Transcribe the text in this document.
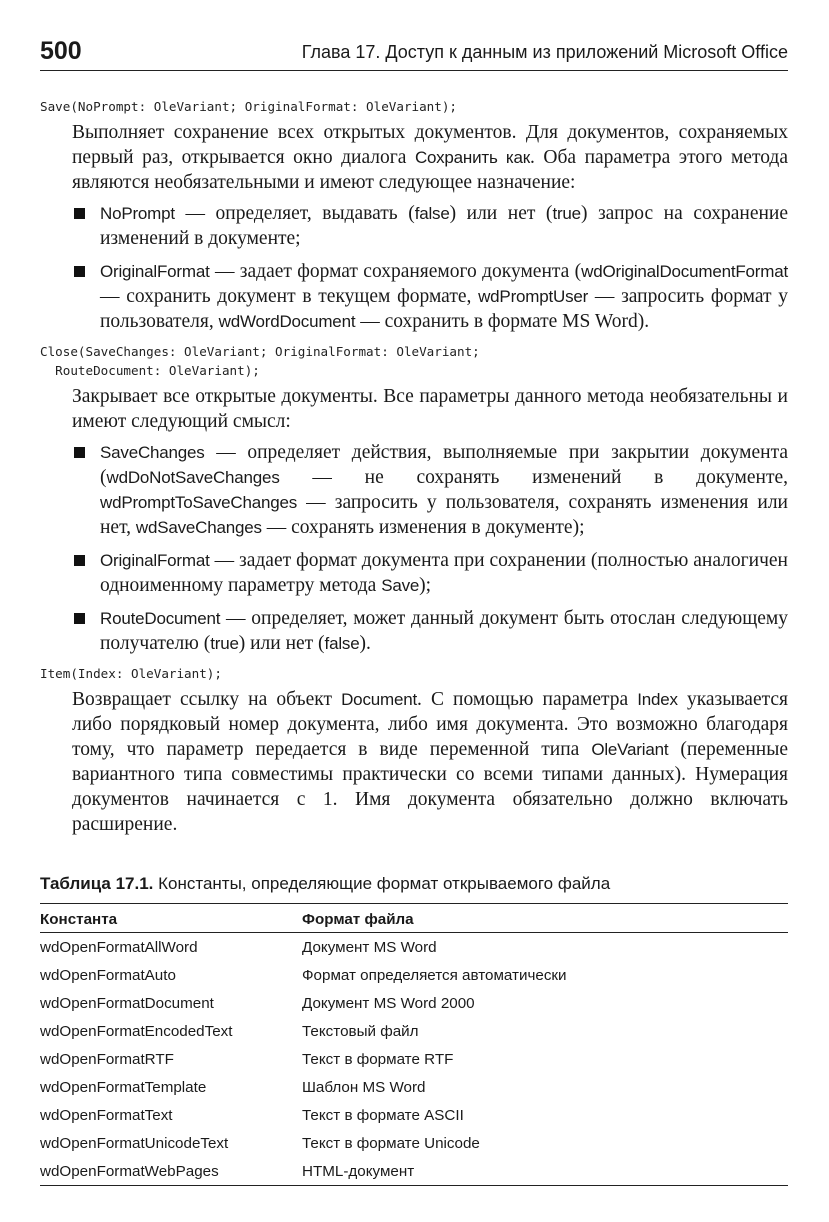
500	Глава 17. Доступ к данным из приложений Microsoft Office

Save(NoPrompt: OleVariant; OriginalFormat: OleVariant);

Выполняет сохранение всех открытых документов. Для документов, сохраняемых первый раз, открывается окно диалога Сохранить как. Оба параметра этого метода являются необязательными и имеют следующее назначение:

NoPrompt — определяет, выдавать (false) или нет (true) запрос на сохранение изменений в документе;
OriginalFormat — задает формат сохраняемого документа (wdOriginalDocumentFormat — сохранить документ в текущем формате, wdPromptUser — запросить формат у пользователя, wdWordDocument — сохранить в формате MS Word).

Close(SaveChanges: OleVariant; OriginalFormat: OleVariant;

RouteDocument: OleVariant);

Закрывает все открытые документы. Все параметры данного метода необязательны и имеют следующий смысл:

SaveChanges — определяет действия, выполняемые при закрытии документа (wdDoNotSaveChanges — не сохранять изменений в документе, wdPromptToSaveChanges — запросить у пользователя, сохранять изменения или нет, wdSaveChanges — сохранять изменения в документе);
OriginalFormat — задает формат документа при сохранении (полностью аналогичен одноименному параметру метода Save);
RouteDocument — определяет, может данный документ быть отослан следующему получателю (true) или нет (false).

Item(Index: OleVariant);

Возвращает ссылку на объект Document. С помощью параметра Index указывается либо порядковый номер документа, либо имя документа. Это возможно благодаря тому, что параметр передается в виде переменной типа OleVariant (переменные вариантного типа совместимы практически со всеми типами данных). Нумерация документов начинается с 1. Имя документа обязательно должно включать расширение.

Таблица 17.1. Константы, определяющие формат открываемого файла
Константа	Формат файла
wdOpenFormatAllWord	Документ MS Word
wdOpenFormatAuto	Формат определяется автоматически
wdOpenFormatDocument	Документ MS Word 2000
wdOpenFormatEncodedText	Текстовый файл
wdOpenFormatRTF	Текст в формате RTF
wdOpenFormatTemplate	Шаблон MS Word
wdOpenFormatText	Текст в формате ASCII
wdOpenFormatUnicodeText	Текст в формате Unicode
wdOpenFormatWebPages	HTML-документ
